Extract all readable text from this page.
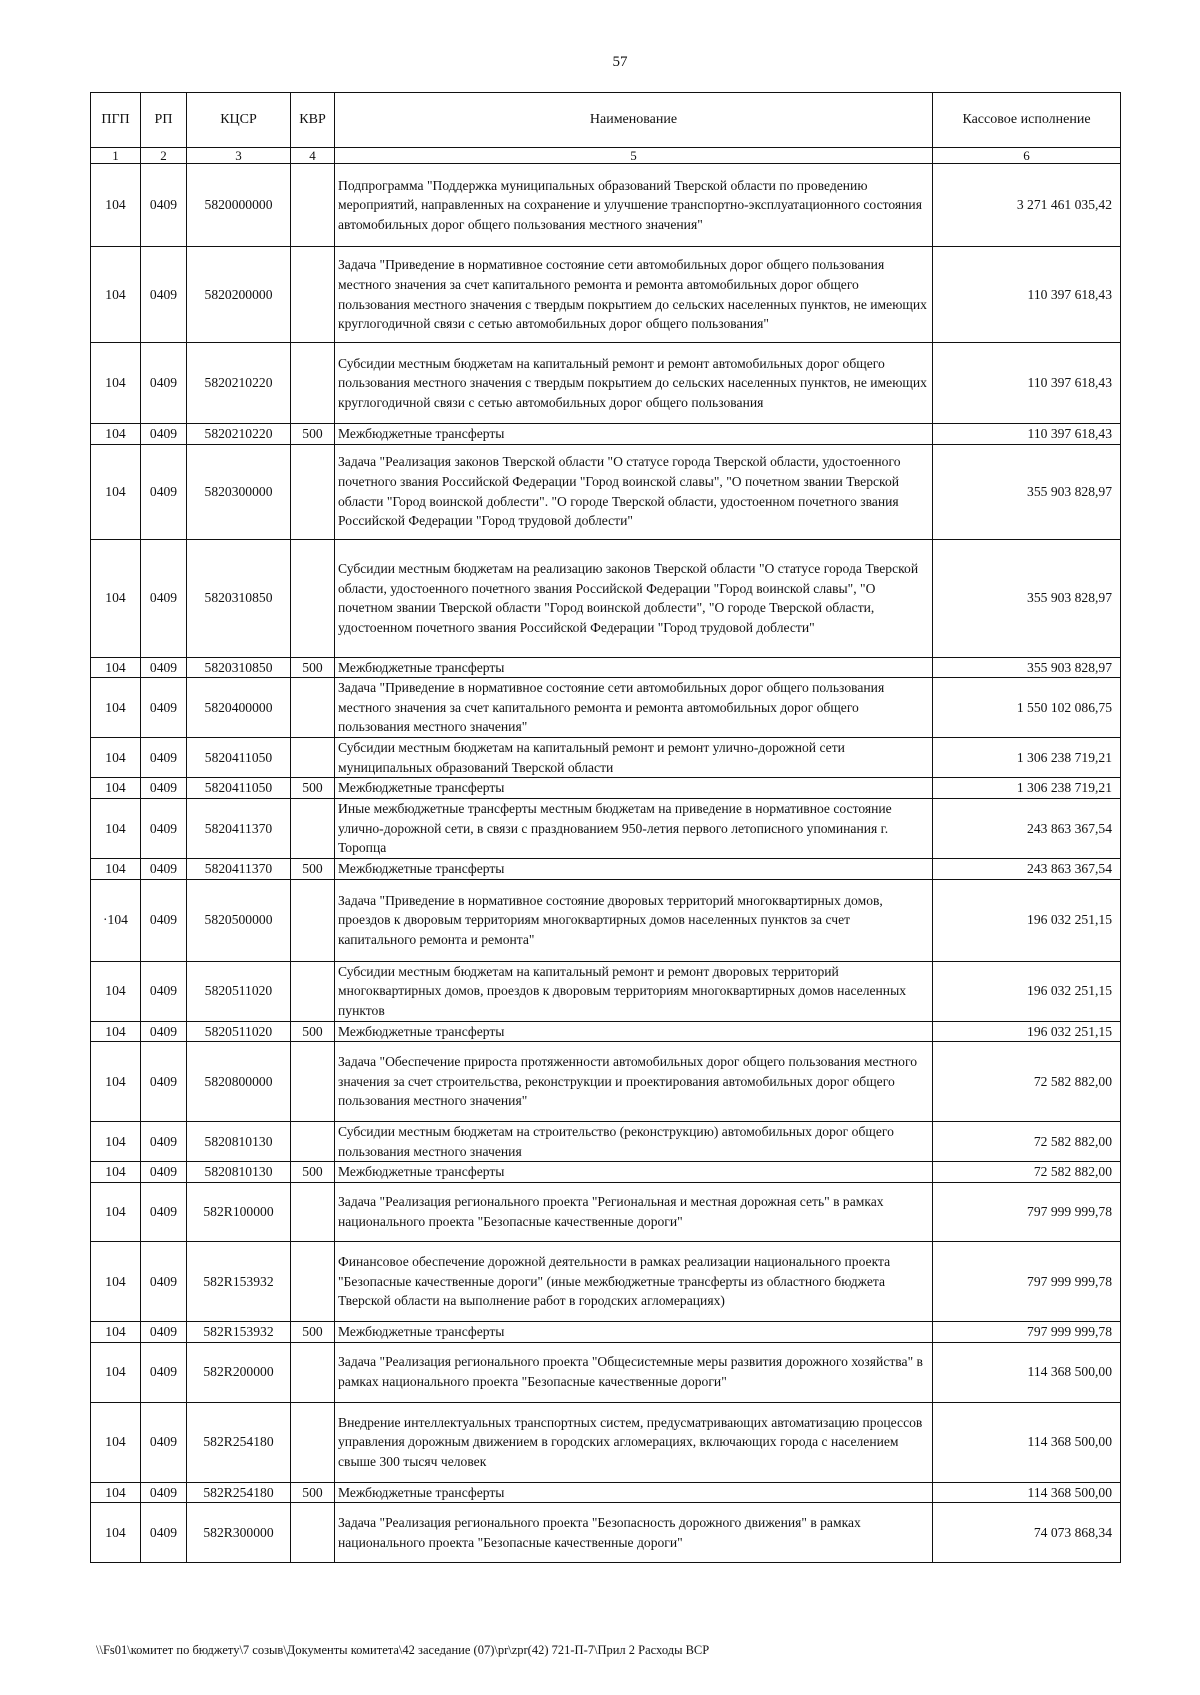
57
ПГП	РП	КЦСР	КВР	Наименование	Кассовое исполнение
1	2	3	4	5	6
104	0409	5820000000		Подпрограмма "Поддержка муниципальных образований Тверской области по проведению мероприятий, направленных на сохранение и улучшение транспортно-эксплуатационного состояния автомобильных дорог общего пользования местного значения"	3 271 461 035,42
104	0409	5820200000		Задача "Приведение в нормативное состояние сети автомобильных дорог общего пользования местного значения за счет капитального ремонта и ремонта автомобильных дорог общего пользования местного значения с твердым покрытием до сельских населенных пунктов, не имеющих круглогодичной связи с сетью автомобильных дорог общего пользования"	110 397 618,43
104	0409	5820210220		Субсидии местным бюджетам на капитальный ремонт и ремонт автомобильных дорог общего пользования местного значения с твердым покрытием до сельских населенных пунктов, не имеющих круглогодичной связи с сетью автомобильных дорог общего пользования	110 397 618,43
104	0409	5820210220	500	Межбюджетные трансферты	110 397 618,43
104	0409	5820300000		Задача "Реализация законов Тверской области "О статусе города Тверской области, удостоенного почетного звания Российской Федерации "Город воинской славы", "О почетном звании Тверской области "Город воинской доблести". "О городе Тверской области, удостоенном почетного звания Российской Федерации "Город трудовой доблести"	355 903 828,97
104	0409	5820310850		Субсидии местным бюджетам на реализацию законов Тверской области "О статусе города Тверской области, удостоенного почетного звания Российской Федерации "Город воинской славы", "О почетном звании Тверской области "Город воинской доблести", "О городе Тверской области, удостоенном почетного звания Российской Федерации "Город трудовой доблести"	355 903 828,97
104	0409	5820310850	500	Межбюджетные трансферты	355 903 828,97
104	0409	5820400000		Задача "Приведение в нормативное состояние сети автомобильных дорог общего пользования местного значения за счет капитального ремонта и ремонта автомобильных дорог общего пользования местного значения"	1 550 102 086,75
104	0409	5820411050		Субсидии местным бюджетам на капитальный ремонт и ремонт улично-дорожной сети муниципальных образований Тверской области	1 306 238 719,21
104	0409	5820411050	500	Межбюджетные трансферты	1 306 238 719,21
104	0409	5820411370		Иные межбюджетные трансферты местным бюджетам на приведение в нормативное состояние улично-дорожной сети, в связи с празднованием 950-летия первого летописного упоминания г. Торопца	243 863 367,54
104	0409	5820411370	500	Межбюджетные трансферты	243 863 367,54
·104	0409	5820500000		Задача "Приведение в нормативное состояние дворовых территорий многоквартирных домов, проездов к дворовым территориям многоквартирных домов населенных пунктов за счет капитального ремонта и ремонта"	196 032 251,15
104	0409	5820511020		Субсидии местным бюджетам на капитальный ремонт и ремонт дворовых территорий многоквартирных домов, проездов к дворовым территориям многоквартирных домов населенных пунктов	196 032 251,15
104	0409	5820511020	500	Межбюджетные трансферты	196 032 251,15
104	0409	5820800000		Задача "Обеспечение прироста протяженности автомобильных дорог общего пользования местного значения за счет строительства, реконструкции и проектирования автомобильных дорог общего пользования местного значения"	72 582 882,00
104	0409	5820810130		Субсидии местным бюджетам на строительство (реконструкцию) автомобильных дорог общего пользования местного значения	72 582 882,00
104	0409	5820810130	500	Межбюджетные трансферты	72 582 882,00
104	0409	582R100000		Задача "Реализация регионального проекта "Региональная и местная дорожная сеть" в рамках национального проекта "Безопасные качественные дороги"	797 999 999,78
104	0409	582R153932		Финансовое обеспечение дорожной деятельности в рамках реализации национального проекта "Безопасные качественные дороги" (иные межбюджетные трансферты из областного бюджета Тверской области на выполнение работ в городских агломерациях)	797 999 999,78
104	0409	582R153932	500	Межбюджетные трансферты	797 999 999,78
104	0409	582R200000		Задача "Реализация регионального проекта "Общесистемные меры развития дорожного хозяйства" в рамках национального проекта "Безопасные качественные дороги"	114 368 500,00
104	0409	582R254180		Внедрение интеллектуальных транспортных систем, предусматривающих автоматизацию процессов управления дорожным движением в городских агломерациях, включающих города с населением свыше 300 тысяч человек	114 368 500,00
104	0409	582R254180	500	Межбюджетные трансферты	114 368 500,00
104	0409	582R300000		Задача "Реализация регионального проекта "Безопасность дорожного движения" в рамках национального проекта "Безопасные качественные дороги"	74 073 868,34
\\Fs01\комитет по бюджету\7 созыв\Документы комитета\42 заседание (07)\pr\zpr(42) 721-П-7\Прил 2 Расходы ВСР
